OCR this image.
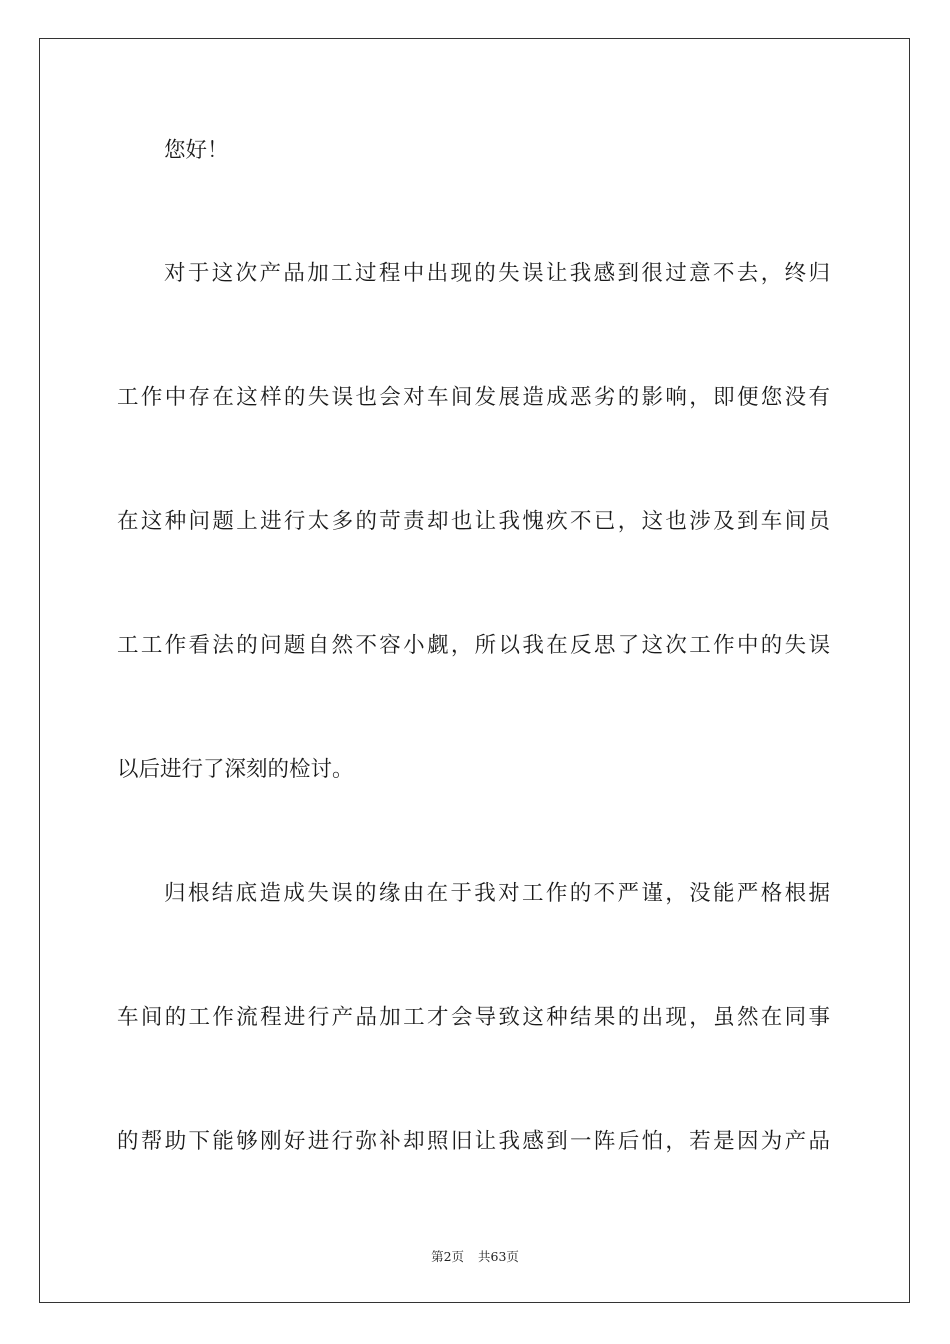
您好！
对于这次产品加工过程中出现的失误让我感到很过意不去，终归
工作中存在这样的失误也会对车间发展造成恶劣的影响，即便您没有
在这种问题上进行太多的苛责却也让我愧疚不已，这也涉及到车间员
工工作看法的问题自然不容小觑，所以我在反思了这次工作中的失误
以后进行了深刻的检讨。
归根结底造成失误的缘由在于我对工作的不严谨，没能严格根据
车间的工作流程进行产品加工才会导致这种结果的出现，虽然在同事
的帮助下能够刚好进行弥补却照旧让我感到一阵后怕，若是因为产品
第2页 共63页
